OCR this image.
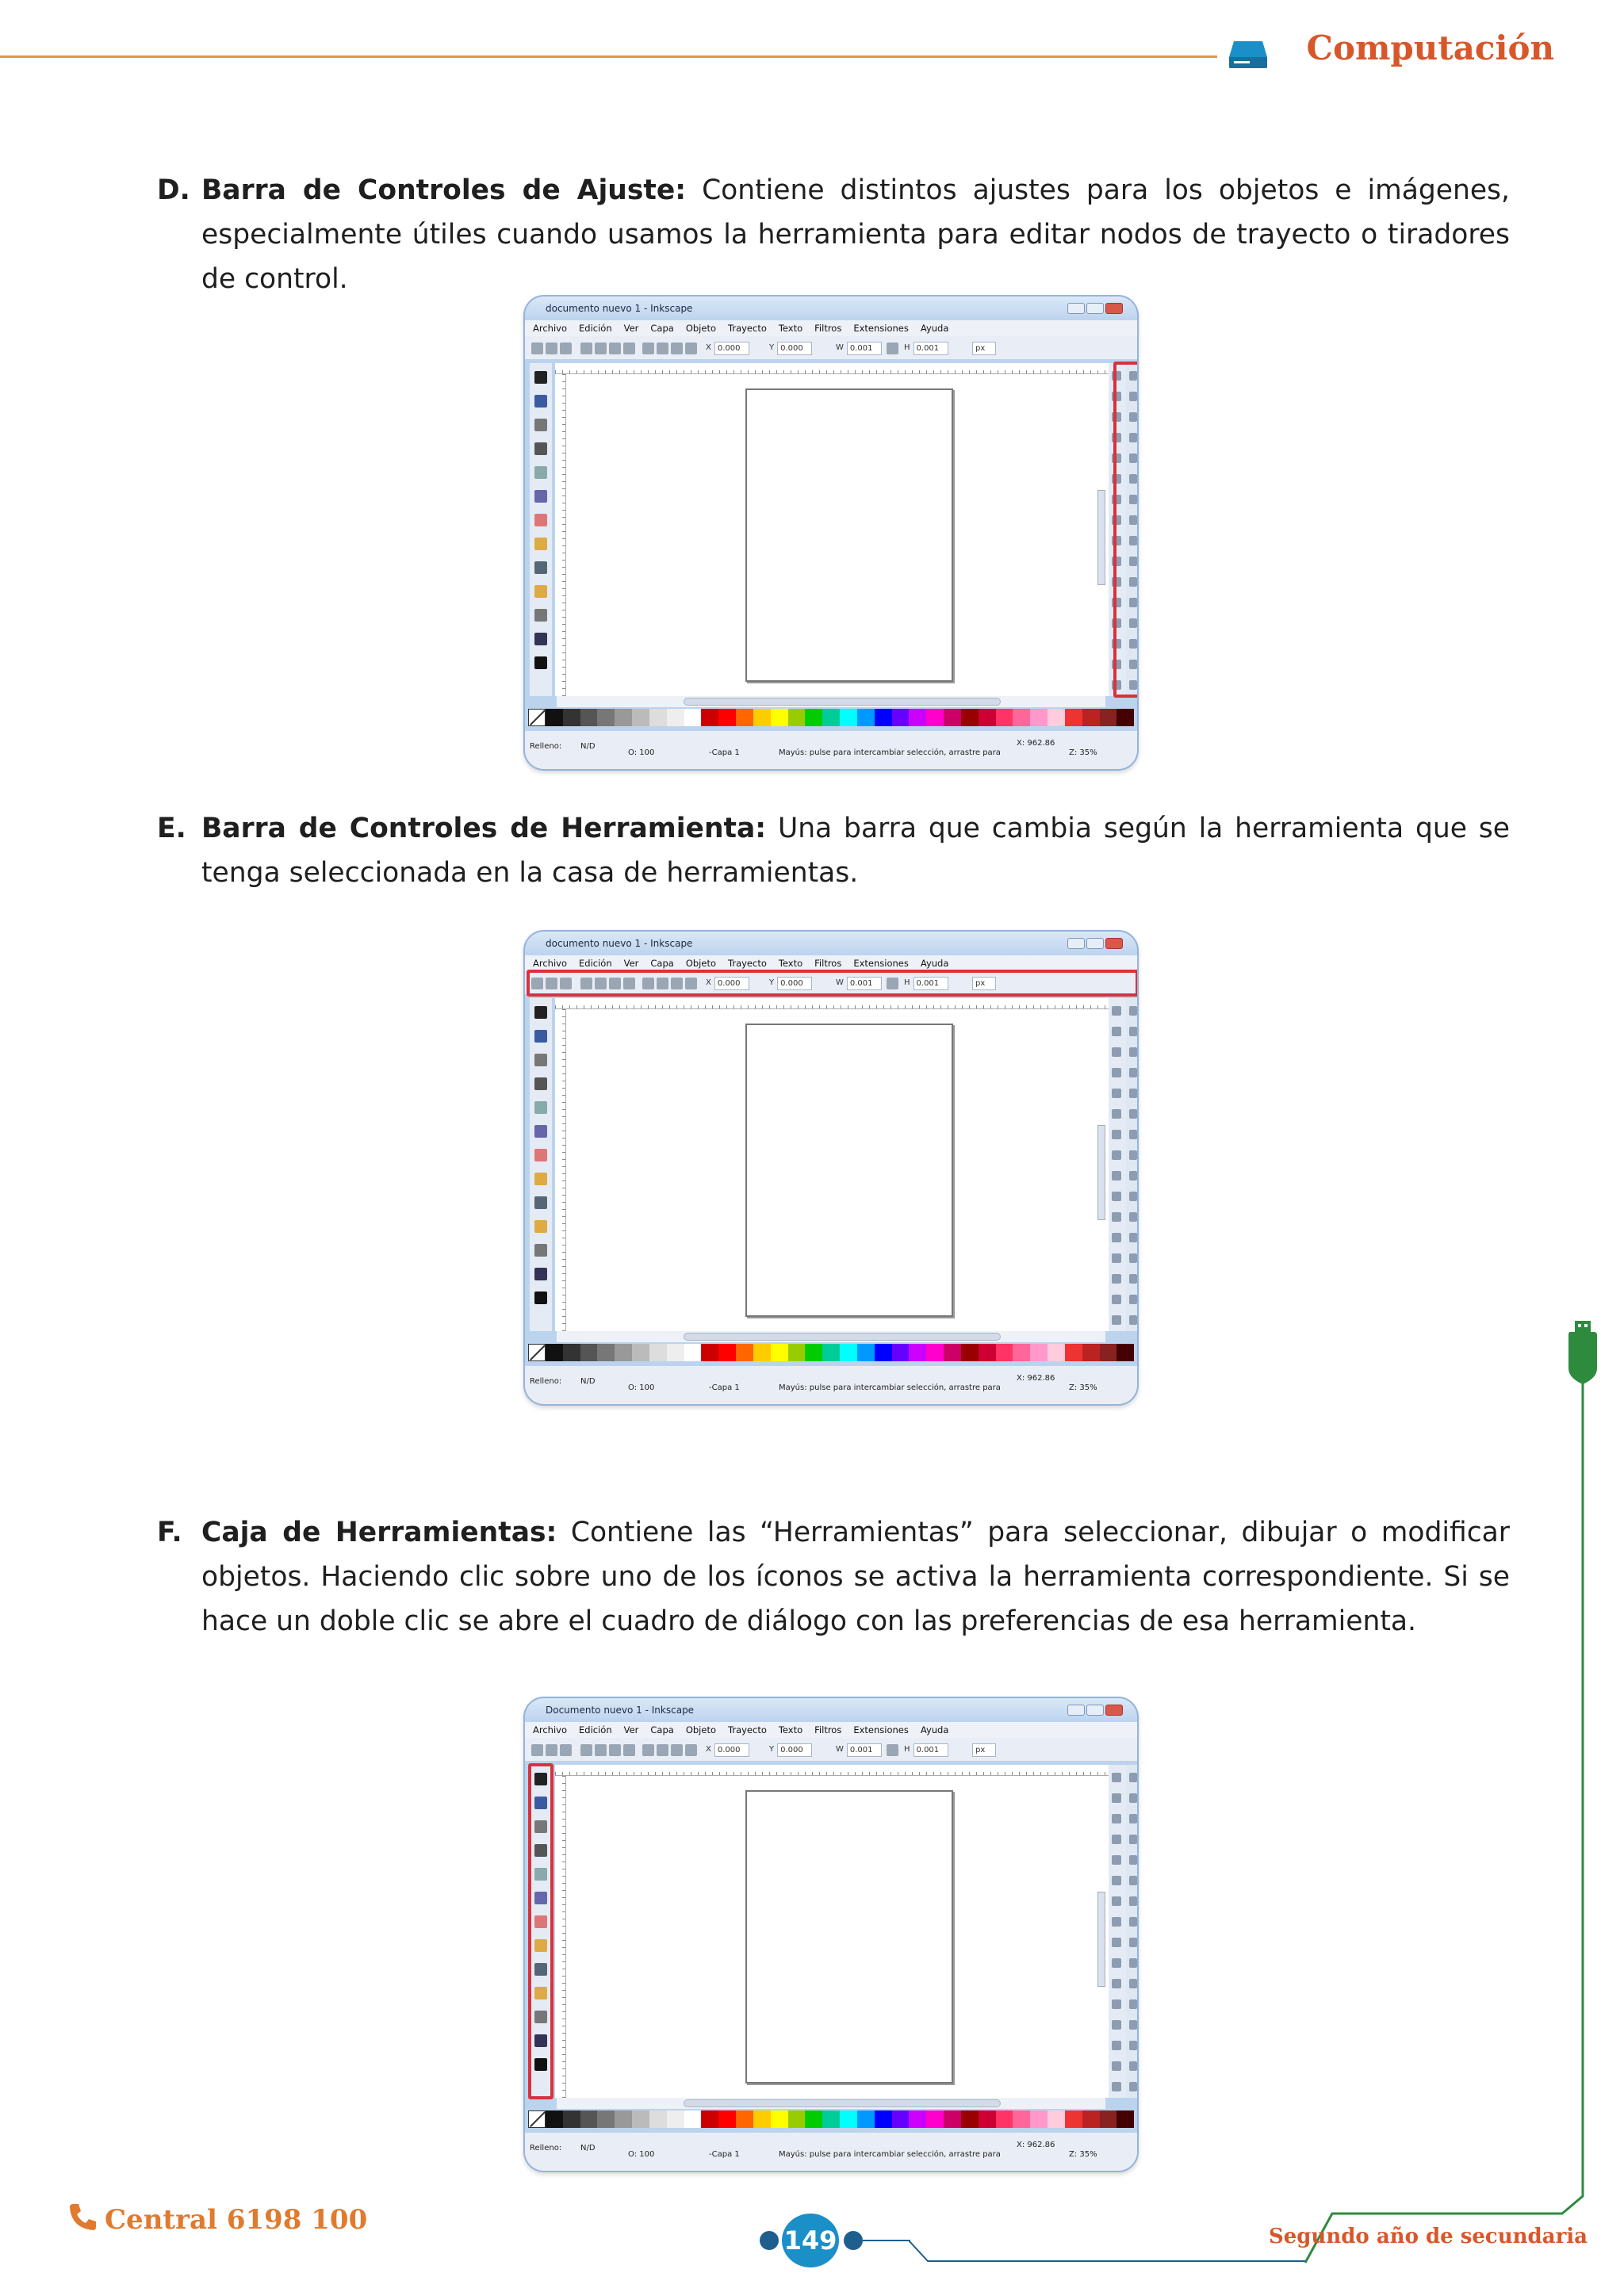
Computación
D. Barra de Controles de Ajuste: Contiene distintos ajustes para los objetos e imágenes, especialmente útiles cuando usamos la herramienta para editar nodos de trayecto o tiradores de control.
E. Barra de Controles de Herramienta: Una barra que cambia según la herramienta que se tenga seleccionada en la casa de herramientas.
F. Caja de Herramientas: Contiene las “Herramientas” para seleccionar, dibujar o modificar objetos. Haciendo clic sobre uno de los íconos se activa la herramienta correspondiente. Si se hace un doble clic se abre el cuadro de diálogo con las preferencias de esa herramienta.
documento nuevo 1 - Inkscape
Archivo Edición Ver Capa Objeto Trayecto Texto Filtros Extensiones Ayuda
X 0.000	Y 0.000	W 0.001	H 0.001	px
Relleno: N/D
O: 100	-Capa 1	Mayús: pulse para intercambiar selección, arrastre para
X: 962.86
Z: 35%
documento nuevo 1 - Inkscape
Archivo Edición Ver Capa Objeto Trayecto Texto Filtros Extensiones Ayuda
X 0.000	Y 0.000	W 0.001	H 0.001	px
Relleno: N/D
O: 100	-Capa 1	Mayús: pulse para intercambiar selección, arrastre para
X: 962.86
Z: 35%
Documento nuevo 1 - Inkscape
Archivo Edición Ver Capa Objeto Trayecto Texto Filtros Extensiones Ayuda
X 0.000	Y 0.000	W 0.001	H 0.001	px
Relleno: N/D
O: 100	-Capa 1	Mayús: pulse para intercambiar selección, arrastre para
X: 962.86
Z: 35%
Central 6198 100
149	Segundo año de secundaria
